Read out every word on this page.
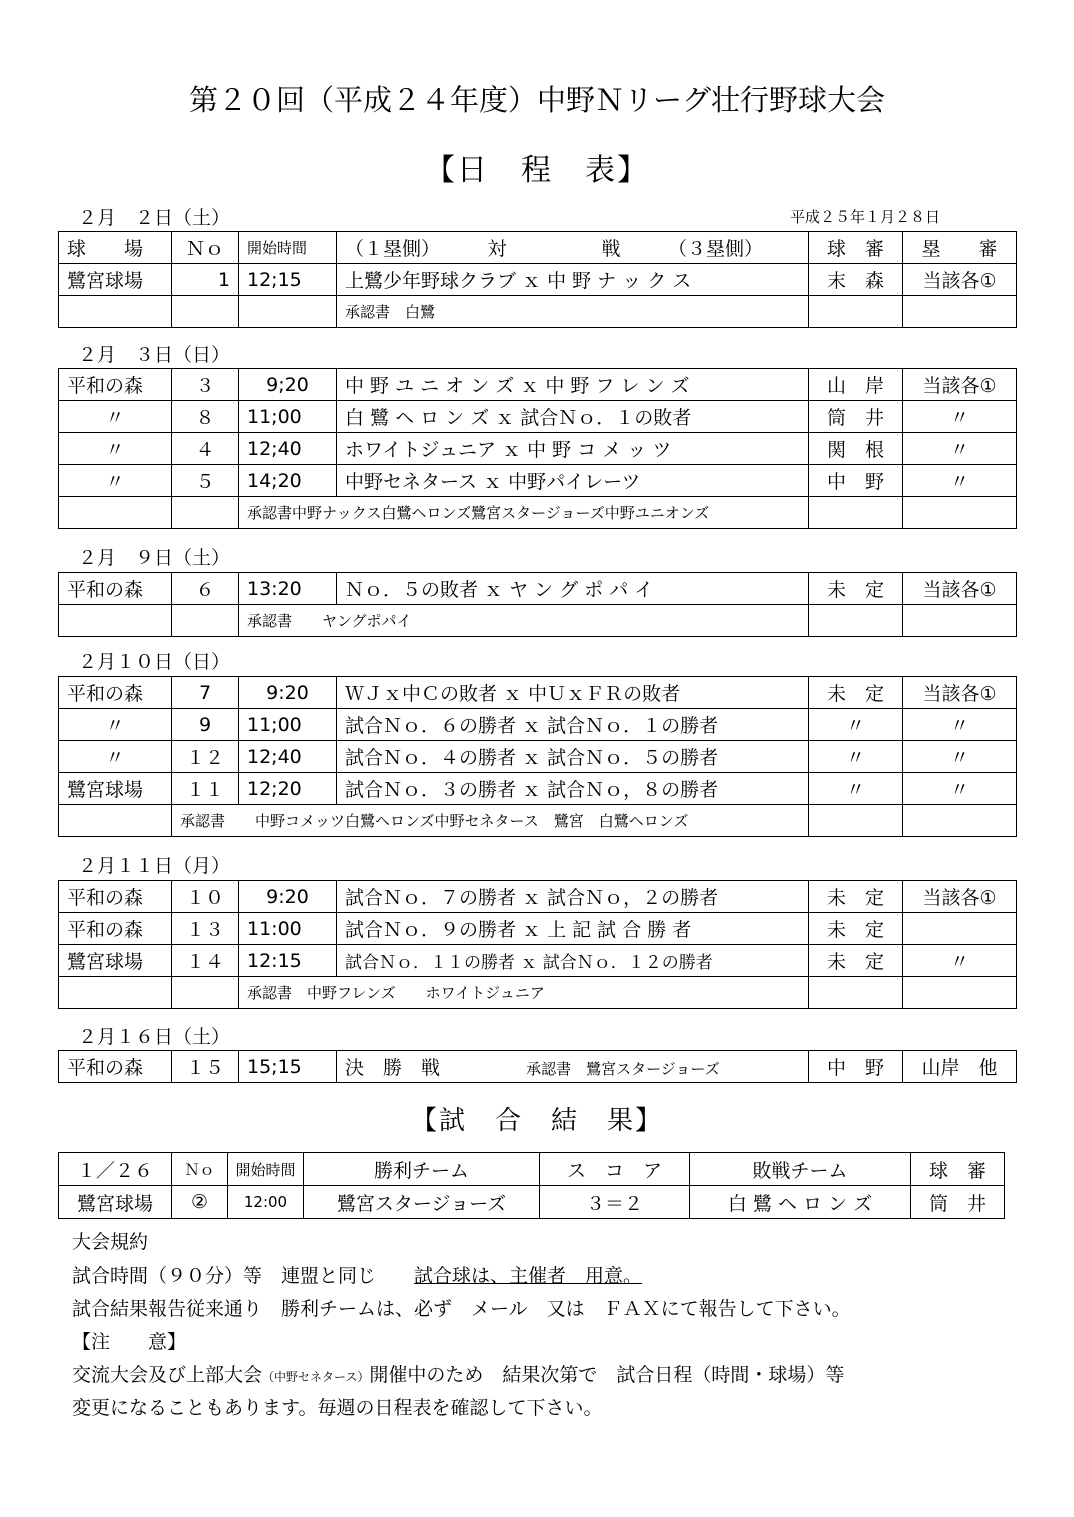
第２０回（平成２４年度）中野Ｎリーグ壮行野球大会
【日　程　表】
２月　２日（土）	平成２５年１月２８日
球　　場	Ｎｏ	開始時間	（１塁側）　　　対　　　　　戦　　　（３塁側）	球　審	塁　　審
鷺宮球場	1	12;15	上鷺少年野球クラブ ｘ 中 野 ナ ッ ク ス	末　森	当該各①
			承認書　白鷺		
２月　３日（日）
平和の森	３	9;20	中 野 ユ ニ オ ン ズ ｘ 中 野 フ レ ン ズ	山　岸	当該各①
〃	８	11;00	白 鷺 ヘ ロ ン ズ ｘ 試合Ｎｏ．１の敗者	筒　井	〃
〃	４	12;40	ホワイトジュニア ｘ 中 野 コ メ ッ ツ	関　根	〃
〃	５	14;20	中野セネタース ｘ 中野パイレーツ	中　野	〃
		承認書中野ナックス白鷺ヘロンズ鷺宮スタージョーズ中野ユニオンズ			
２月　９日（土）
平和の森	６	13:20	Ｎｏ．５の敗者 ｘ ヤ ン グ ポ パ イ	未　定	当該各①
		承認書　　ヤングポパイ			
２月１０日（日）
平和の森	7	9:20	ＷＪｘ中Ｃの敗者 ｘ 中ＵｘＦＲの敗者	未　定	当該各①
〃	9	11;00	試合Ｎｏ．６の勝者 ｘ 試合Ｎｏ．１の勝者	〃	〃
〃	１２	12;40	試合Ｎｏ．４の勝者 ｘ 試合Ｎｏ．５の勝者	〃	〃
鷺宮球場	１１	12;20	試合Ｎｏ．３の勝者 ｘ 試合Ｎｏ，８の勝者	〃	〃
	承認書　　中野コメッツ白鷺ヘロンズ中野セネタース　鷺宮　白鷺ヘロンズ				
２月１１日（月）
平和の森	１０	9:20	試合Ｎｏ．７の勝者 ｘ 試合Ｎｏ，２の勝者	未　定	当該各①
平和の森	１３	11:00	試合Ｎｏ．９の勝者 ｘ 上 記 試 合 勝 者	未　定	
鷺宮球場	１４	12:15	試合Ｎｏ．１１の勝者 ｘ 試合Ｎｏ．１２の勝者	未　定	〃
		承認書　中野フレンズ　　ホワイトジュニア			
２月１６日（土）
平和の森	１５	15;15	決　勝　戦	承認書　鷺宮スタージョーズ	中　野	山岸　他
【試　合　結　果】
１／２６	Ｎｏ	開始時間	勝利チーム	ス　コ　ア	敗戦チーム	球　審
鷺宮球場	②	12:00	鷺宮スタージョーズ	３＝２	白 鷺 ヘ ロ ン ズ	筒　井
大会規約
試合時間（９０分）等　連盟と同じ　　試合球は、主催者　用意。
試合結果報告従来通り　勝利チームは、必ず　メール　又は　ＦＡＸにて報告して下さい。
【注　　意】
交流大会及び上部大会（中野セネタース）開催中のため　結果次第で　試合日程（時間・球場）等
変更になることもあります。毎週の日程表を確認して下さい。
